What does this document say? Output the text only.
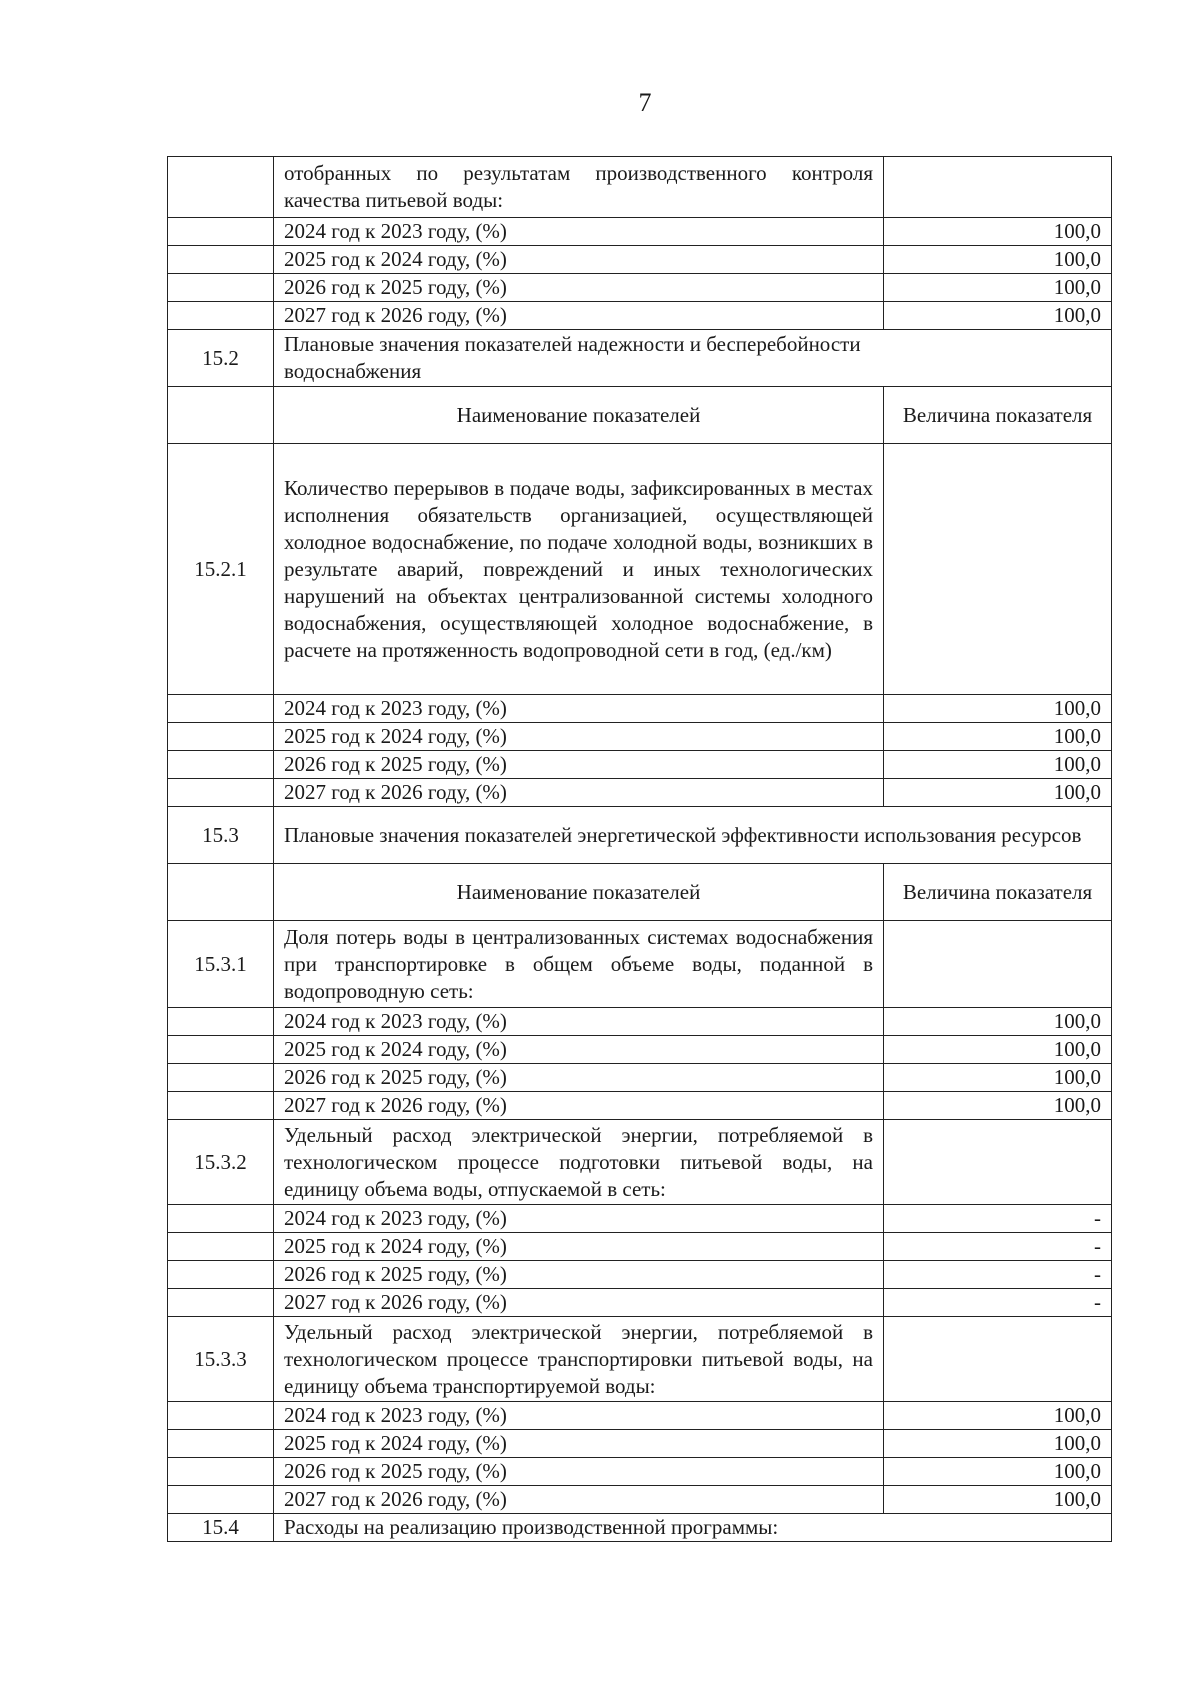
7
	отобранных по результатам производственного контроля качества питьевой воды:	
	2024 год к 2023 году, (%)	100,0
	2025 год к 2024 году, (%)	100,0
	2026 год к 2025 году, (%)	100,0
	2027 год к 2026 году, (%)	100,0
15.2	Плановые значения показателей надежности и бесперебойности
водоснабжения	

	Наименование показателей	Величина показателя
15.2.1	Количество перерывов в подаче воды, зафиксированных в местах исполнения обязательств организацией, осуществляющей холодное водоснабжение, по подаче холодной воды, возникших в результате аварий, повреждений и иных технологических нарушений на объектах централизованной системы холодного водоснабжения, осуществляющей холодное водоснабжение, в расчете на протяженность водопроводной сети в год, (ед./км)	
	2024 год к 2023 году, (%)	100,0
	2025 год к 2024 году, (%)	100,0
	2026 год к 2025 году, (%)	100,0
	2027 год к 2026 году, (%)	100,0
15.3	Плановые значения показателей энергетической эффективности использования ресурсов	
	Наименование показателей	Величина показателя
15.3.1	Доля потерь воды в централизованных системах водоснабжения при транспортировке в общем объеме воды, поданной в водопроводную сеть:	
	2024 год к 2023 году, (%)	100,0
	2025 год к 2024 году, (%)	100,0
	2026 год к 2025 году, (%)	100,0
	2027 год к 2026 году, (%)	100,0
15.3.2	Удельный расход электрической энергии, потребляемой в технологическом процессе подготовки питьевой воды, на единицу объема воды, отпускаемой в сеть:	
	2024 год к 2023 году, (%)	-
	2025 год к 2024 году, (%)	-
	2026 год к 2025 году, (%)	-
	2027 год к 2026 году, (%)	-
15.3.3	Удельный расход электрической энергии, потребляемой в технологическом процессе транспортировки питьевой воды, на единицу объема транспортируемой воды:	
	2024 год к 2023 году, (%)	100,0
	2025 год к 2024 году, (%)	100,0
	2026 год к 2025 году, (%)	100,0
	2027 год к 2026 году, (%)	100,0
15.4	Расходы на реализацию производственной программы:	
